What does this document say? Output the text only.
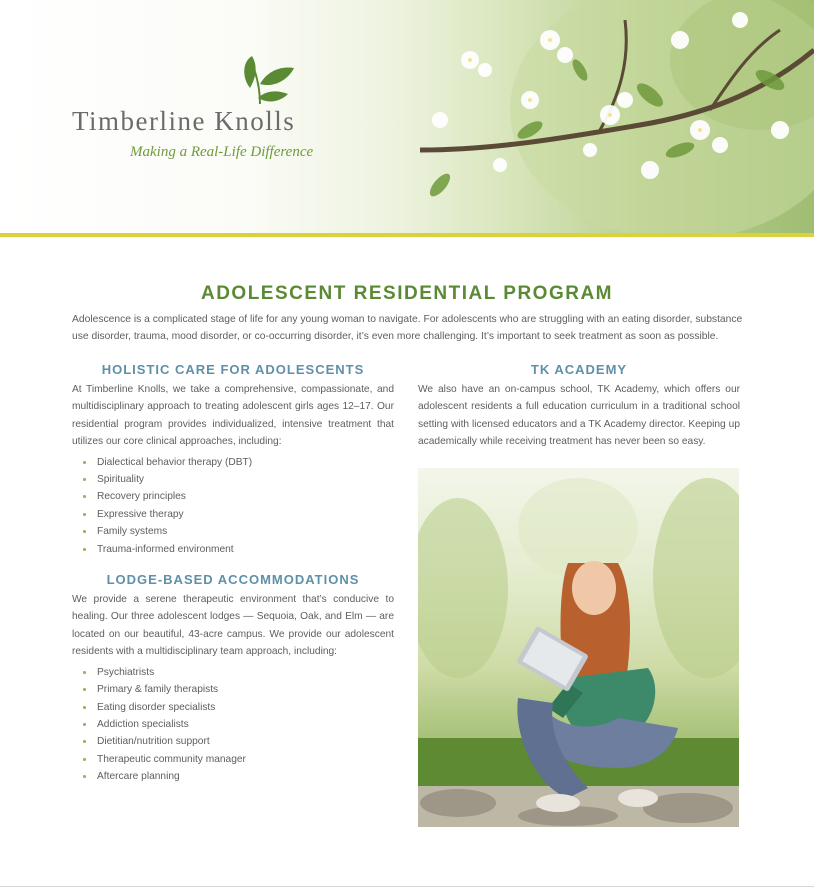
Timberline Knolls
Making a Real-Life Difference
ADOLESCENT RESIDENTIAL PROGRAM
Adolescence is a complicated stage of life for any young woman to navigate. For adolescents who are struggling with an eating disorder, substance use disorder, trauma, mood disorder, or co-occurring disorder, it’s even more challenging. It’s important to seek treatment as soon as possible.
HOLISTIC CARE FOR ADOLESCENTS

At Timberline Knolls, we take a comprehensive, compassionate, and multidisciplinary approach to treating adolescent girls ages 12–17. Our residential program provides individualized, intensive treatment that utilizes our core clinical approaches, including:

Dialectical behavior therapy (DBT)
Spirituality
Recovery principles
Expressive therapy
Family systems
Trauma-informed environment
LODGE-BASED ACCOMMODATIONS

We provide a serene therapeutic environment that’s conducive to healing. Our three adolescent lodges — Sequoia, Oak, and Elm — are located on our beautiful, 43-acre campus. We provide our adolescent residents with a multidisciplinary team approach, including:

Psychiatrists
Primary & family therapists
Eating disorder specialists
Addiction specialists
Dietitian/nutrition support
Therapeutic community manager
Aftercare planning
TK ACADEMY

We also have an on-campus school, TK Academy, which offers our adolescent residents a full education curriculum in a traditional school setting with licensed educators and a TK Academy director. Keeping up academically while receiving treatment has never been so easy.
